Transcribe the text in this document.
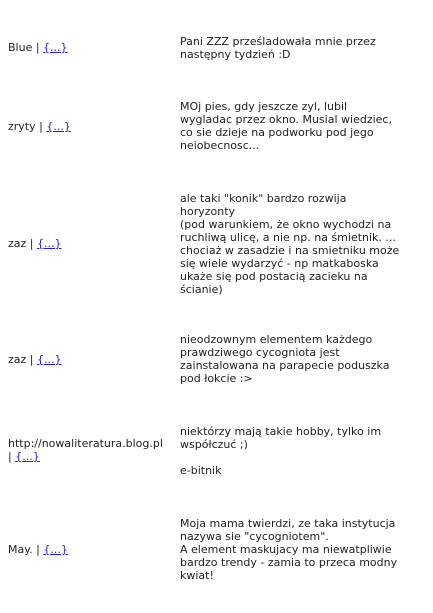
Blue | {...}	Pani ZZZ prześladowała mnie przez
następny tydzień :D

zryty | {...}

MOj pies, gdy jeszcze zyl, lubil
wygladac przez okno. Musial wiedziec,
co sie dzieje na podworku pod jego
neiobecnosc...

zaz | {...}

ale taki "konik" bardzo rozwija
horyzonty
(pod warunkiem, że okno wychodzi na
ruchliwą ulicę, a nie np. na śmietnik. ...
chociaż w zasadzie i na smietniku może
się wiele wydarzyć - np matkaboska
ukaże się pod postacią zacieku na
ścianie)

zaz | {...}

nieodzownym elementem każdego
prawdziwego cycogniota jest
zainstalowana na parapecie poduszka
pod łokcie :>

http://nowaliteratura.blog.pl
| {...}

niektórzy mają takie hobby, tylko im
współczuć ;)

e-bitnik

May. | {...}

Moja mama twierdzi, ze taka instytucja
nazywa sie "cycogniotem".
A element maskujacy ma niewatpliwie
bardzo trendy - zamia to przeca modny
kwiat!
